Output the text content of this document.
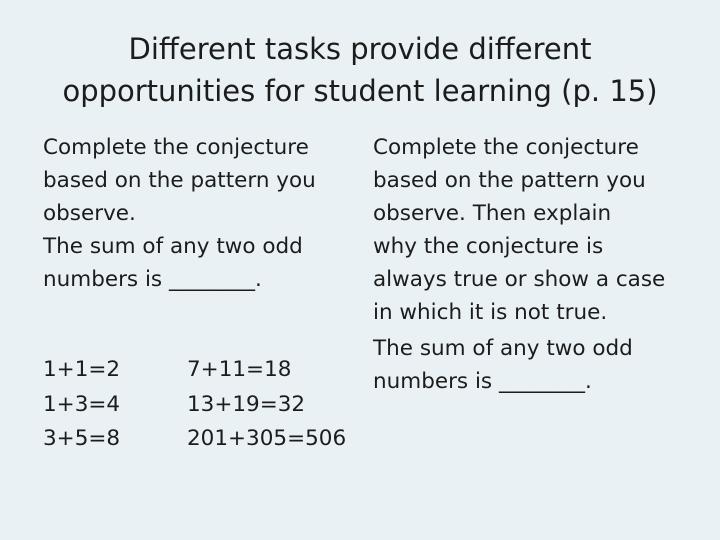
Different tasks provide different
opportunities for student learning (p. 15)

Complete the conjecture

based on the pattern you

observe.

The sum of any two odd

numbers is ________.

1+1=2
1+3=4
3+5=8
7+11=18
13+19=32
201+305=506

Complete the conjecture

based on the pattern you

observe. Then explain

why the conjecture is

always true or show a case

in which it is not true.

The sum of any two odd

numbers is ________.
